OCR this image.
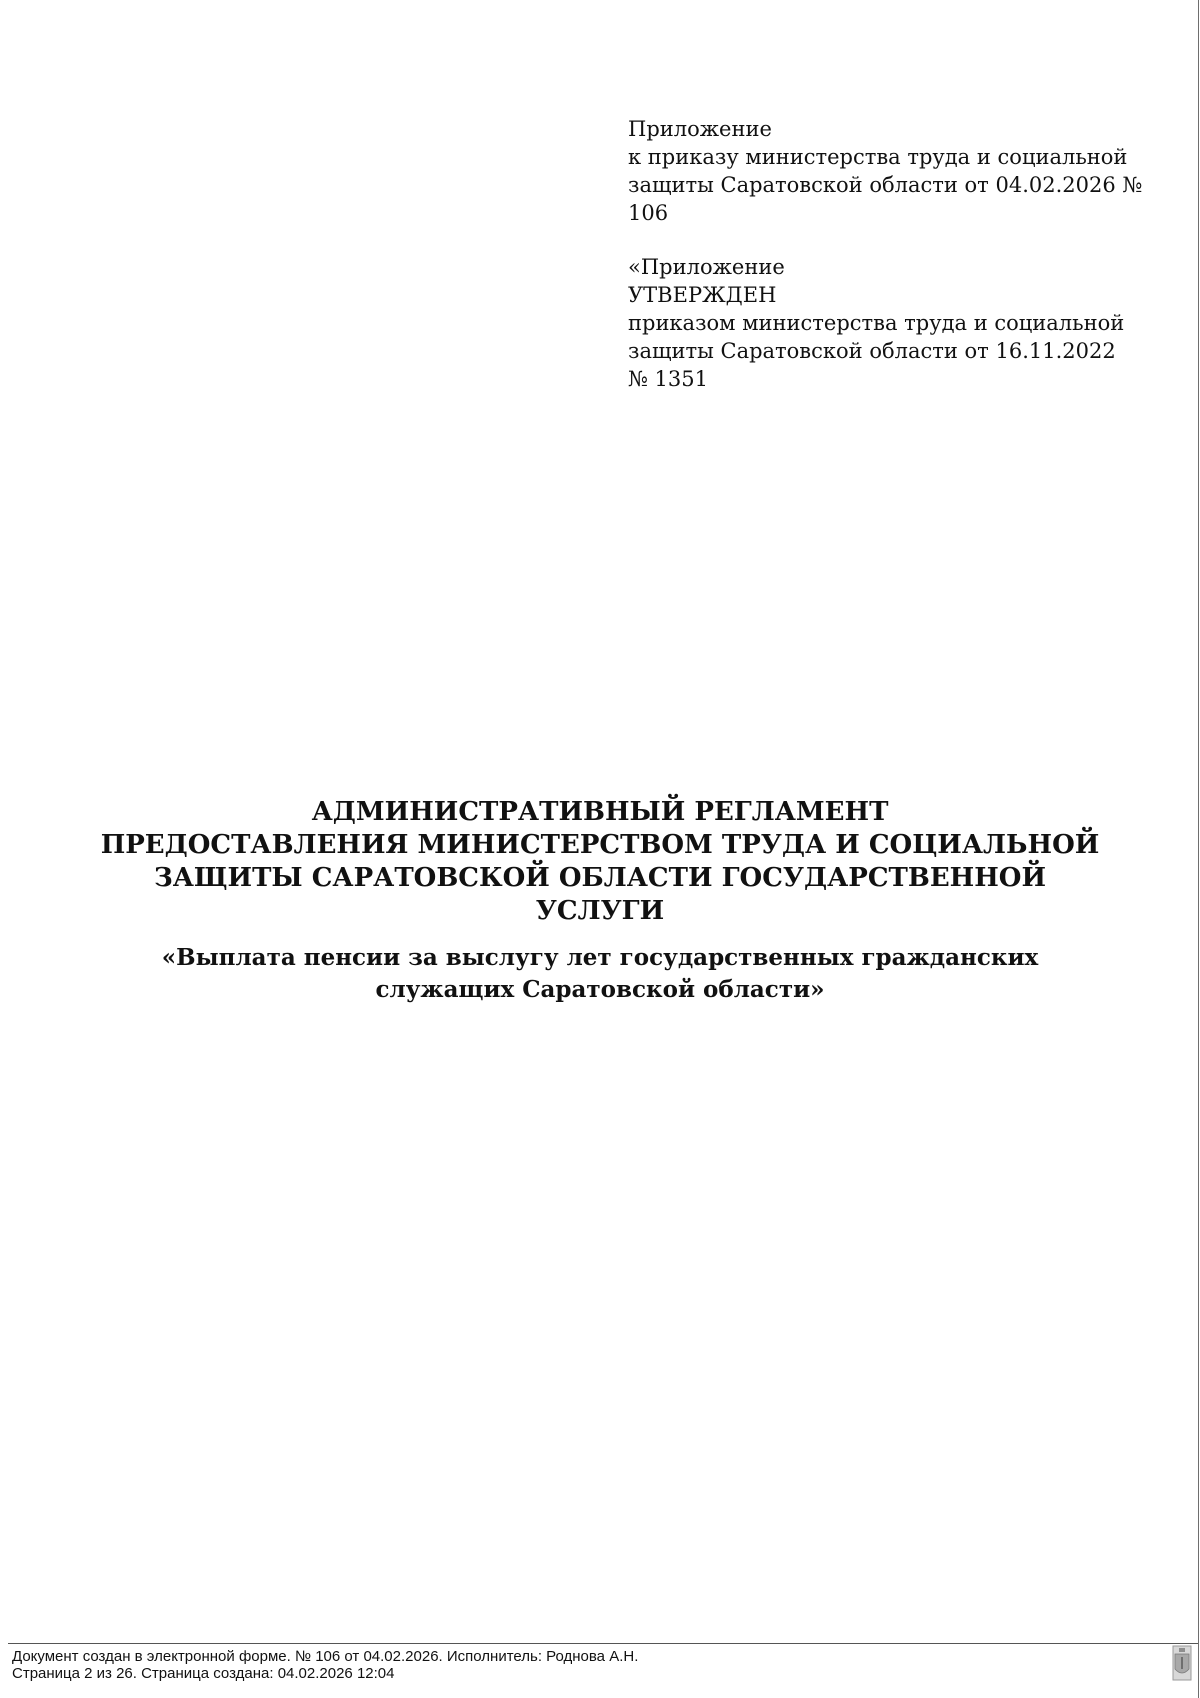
Приложение
к приказу министерства труда и социальной
защиты Саратовской области от 04.02.2026 №
106
«Приложение
УТВЕРЖДЕН
приказом министерства труда и социальной
защиты Саратовской области от 16.11.2022
№ 1351
АДМИНИСТРАТИВНЫЙ РЕГЛАМЕНТ
ПРЕДОСТАВЛЕНИЯ МИНИСТЕРСТВОМ ТРУДА И СОЦИАЛЬНОЙ
ЗАЩИТЫ САРАТОВСКОЙ ОБЛАСТИ ГОСУДАРСТВЕННОЙ
УСЛУГИ
«Выплата пенсии за выслугу лет государственных гражданских
служащих Саратовской области»
Документ создан в электронной форме. № 106 от 04.02.2026. Исполнитель: Роднова А.Н.
Страница 2 из 26. Страница создана: 04.02.2026 12:04
